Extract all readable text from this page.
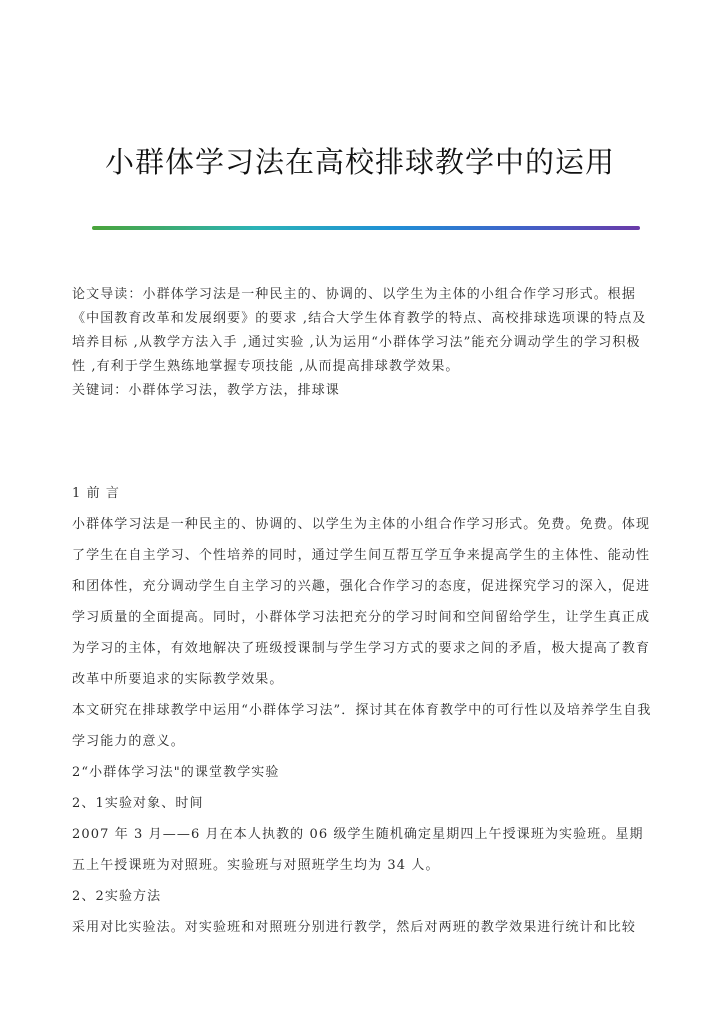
小群体学习法在高校排球教学中的运用

论文导读：小群体学习法是一种民主的、协调的、以学生为主体的小组合作学习形式。根据《中国教育改革和发展纲要》的要求 ,结合大学生体育教学的特点、高校排球选项课的特点及培养目标 ,从教学方法入手 ,通过实验 ,认为运用“小群体学习法”能充分调动学生的学习积极性 ,有利于学生熟练地掌握专项技能 ,从而提高排球教学效果。

关键词：小群体学习法，教学方法，排球课

1 前 言

小群体学习法是一种民主的、协调的、以学生为主体的小组合作学习形式。免费。免费。体现了学生在自主学习、个性培养的同时，通过学生间互帮互学互争来提高学生的主体性、能动性和团体性，充分调动学生自主学习的兴趣，强化合作学习的态度，促进探究学习的深入，促进学习质量的全面提高。同时，小群体学习法把充分的学习时间和空间留给学生，让学生真正成为学习的主体，有效地解决了班级授课制与学生学习方式的要求之间的矛盾，极大提高了教育改革中所要追求的实际教学效果。

本文研究在排球教学中运用“小群体学习法”．探讨其在体育教学中的可行性以及培养学生自我学习能力的意义。

2“小群体学习法"的课堂教学实验

2、1实验对象、时间

2007 年 3 月——6 月在本人执教的 06 级学生随机确定星期四上午授课班为实验班。星期五上午授课班为对照班。实验班与对照班学生均为 34 人。

2、2实验方法

采用对比实验法。对实验班和对照班分别进行教学，然后对两班的教学效果进行统计和比较
